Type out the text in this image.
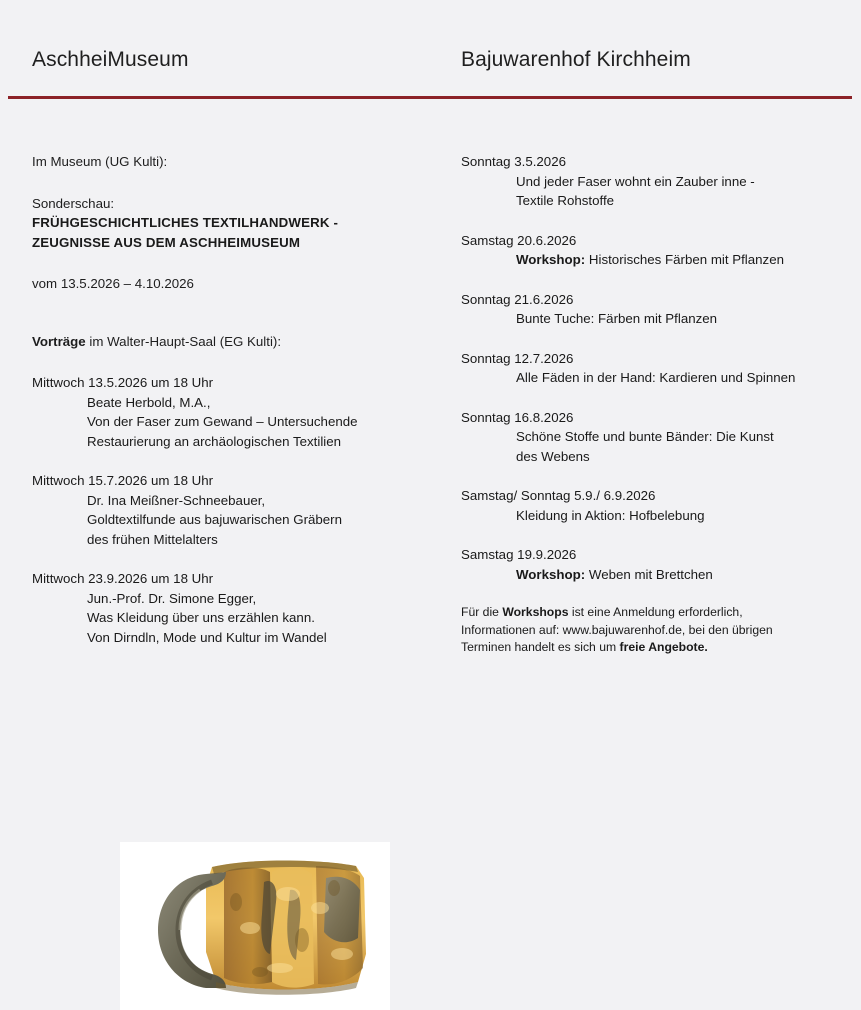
AschheiMuseum	Bajuwarenhof Kirchheim
Im Museum (UG Kulti):
Sonderschau:
FRÜHGESCHICHTLICHES TEXTILHANDWERK -
ZEUGNISSE AUS DEM ASCHHEIMUSEUM
vom 13.5.2026 – 4.10.2026
Vorträge im Walter-Haupt-Saal (EG Kulti):
Mittwoch 13.5.2026 um 18 Uhr
Beate Herbold, M.A.,
Von der Faser zum Gewand – Untersuchende
Restaurierung an archäologischen Textilien
Mittwoch 15.7.2026 um 18 Uhr
Dr. Ina Meißner-Schneebauer,
Goldtextilfunde aus bajuwarischen Gräbern
des frühen Mittelalters
Mittwoch 23.9.2026 um 18 Uhr
Jun.-Prof. Dr. Simone Egger,
Was Kleidung über uns erzählen kann.
Von Dirndln, Mode und Kultur im Wandel
Sonntag 3.5.2026
Und jeder Faser wohnt ein Zauber inne -
Textile Rohstoffe
Samstag 20.6.2026
Workshop: Historisches Färben mit Pflanzen
Sonntag 21.6.2026
Bunte Tuche: Färben mit Pflanzen
Sonntag 12.7.2026
Alle Fäden in der Hand: Kardieren und Spinnen
Sonntag 16.8.2026
Schöne Stoffe und bunte Bänder: Die Kunst
des Webens
Samstag/ Sonntag 5.9./ 6.9.2026
Kleidung in Aktion: Hofbelebung
Samstag 19.9.2026
Workshop: Weben mit Brettchen
Für die Workshops ist eine Anmeldung erforderlich,
Informationen auf: www.bajuwarenhof.de, bei den übrigen
Terminen handelt es sich um freie Angebote.
